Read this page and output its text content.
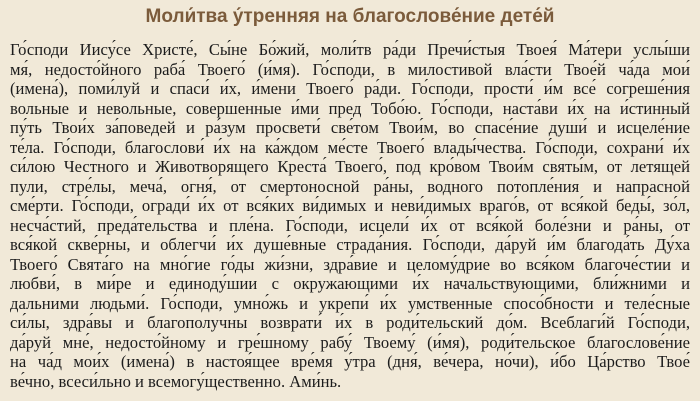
Моли́тва у́тренняя на благослове́ние дете́й
Го́споди Иису́се Христе́, Сы́не Бо́жий, моли́тв ра́ди Пречи́стыя Твоея́ Ма́тери услы́ши
мя́, недосто́йного раба́ Твоего́ (и́мя). Го́споди, в милостивой вла́сти Твое́й ча́да мои́
(имена́), поми́луй и спаси́ и́х, и́мени Твоего́ ра́ди. Го́споди, прости́ и́м все́ согреше́ния
вольные и невольные, совершенные и́ми пред Тобо́ю. Го́споди, наста́ви и́х на и́стинный
пу́ть Твои́х за́поведей и ра́зум просвети́ све́том Твои́м, во спасе́ние души́ и исцеле́ние
те́ла. Го́споди, благослови́ и́х на ка́ждом ме́сте Твоего́ влады́чества. Го́споди, сохрани́ и́х
си́лою Честного и Животворящего Креста́ Твоего́, под кро́вом Твои́м святы́м, от летящей
пули, стре́лы, меча́, огня́, от смертоносной ра́ны, водного потопле́ния и напрасной
сме́рти. Го́споди, огради́ и́х от вся́ких ви́димых и неви́димых враго́в, от вся́кой беды́, зо́л,
несча́стий, преда́тельства и пле́на. Го́споди, исцели́ и́х от вся́кой боле́зни и ра́ны, от
вся́кой скве́рны, и облегчи́ и́х душе́вные страда́ния. Го́споди, да́руй и́м благода́ть Ду́ха
Твоего́ Свята́го на мно́гие го́ды жи́зни, здра́вие и целому́дрие во вся́ком благоче́стии и
любви́, в ми́ре и единоду́шии с окружающими и́х начальствующими, бли́жними и
дальними людьми́. Го́споди, умно́жь и укрепи́ и́х умственные спосо́бности и теле́сные
си́лы, здра́вы и благополучны возврати́ и́х в роди́тельский до́м. Всеблаги́й Го́споди,
да́руй мне́, недосто́йному и гре́шному рабу́ Твоему́ (и́мя), роди́тельское благослове́ние
на ча́д мои́х (имена́) в настоя́щее вре́мя у́тра (дня́, ве́чера, но́чи), и́бо Ца́рство Твое́
ве́чно, всеси́льно и всемогу́щественно. Ами́нь.
